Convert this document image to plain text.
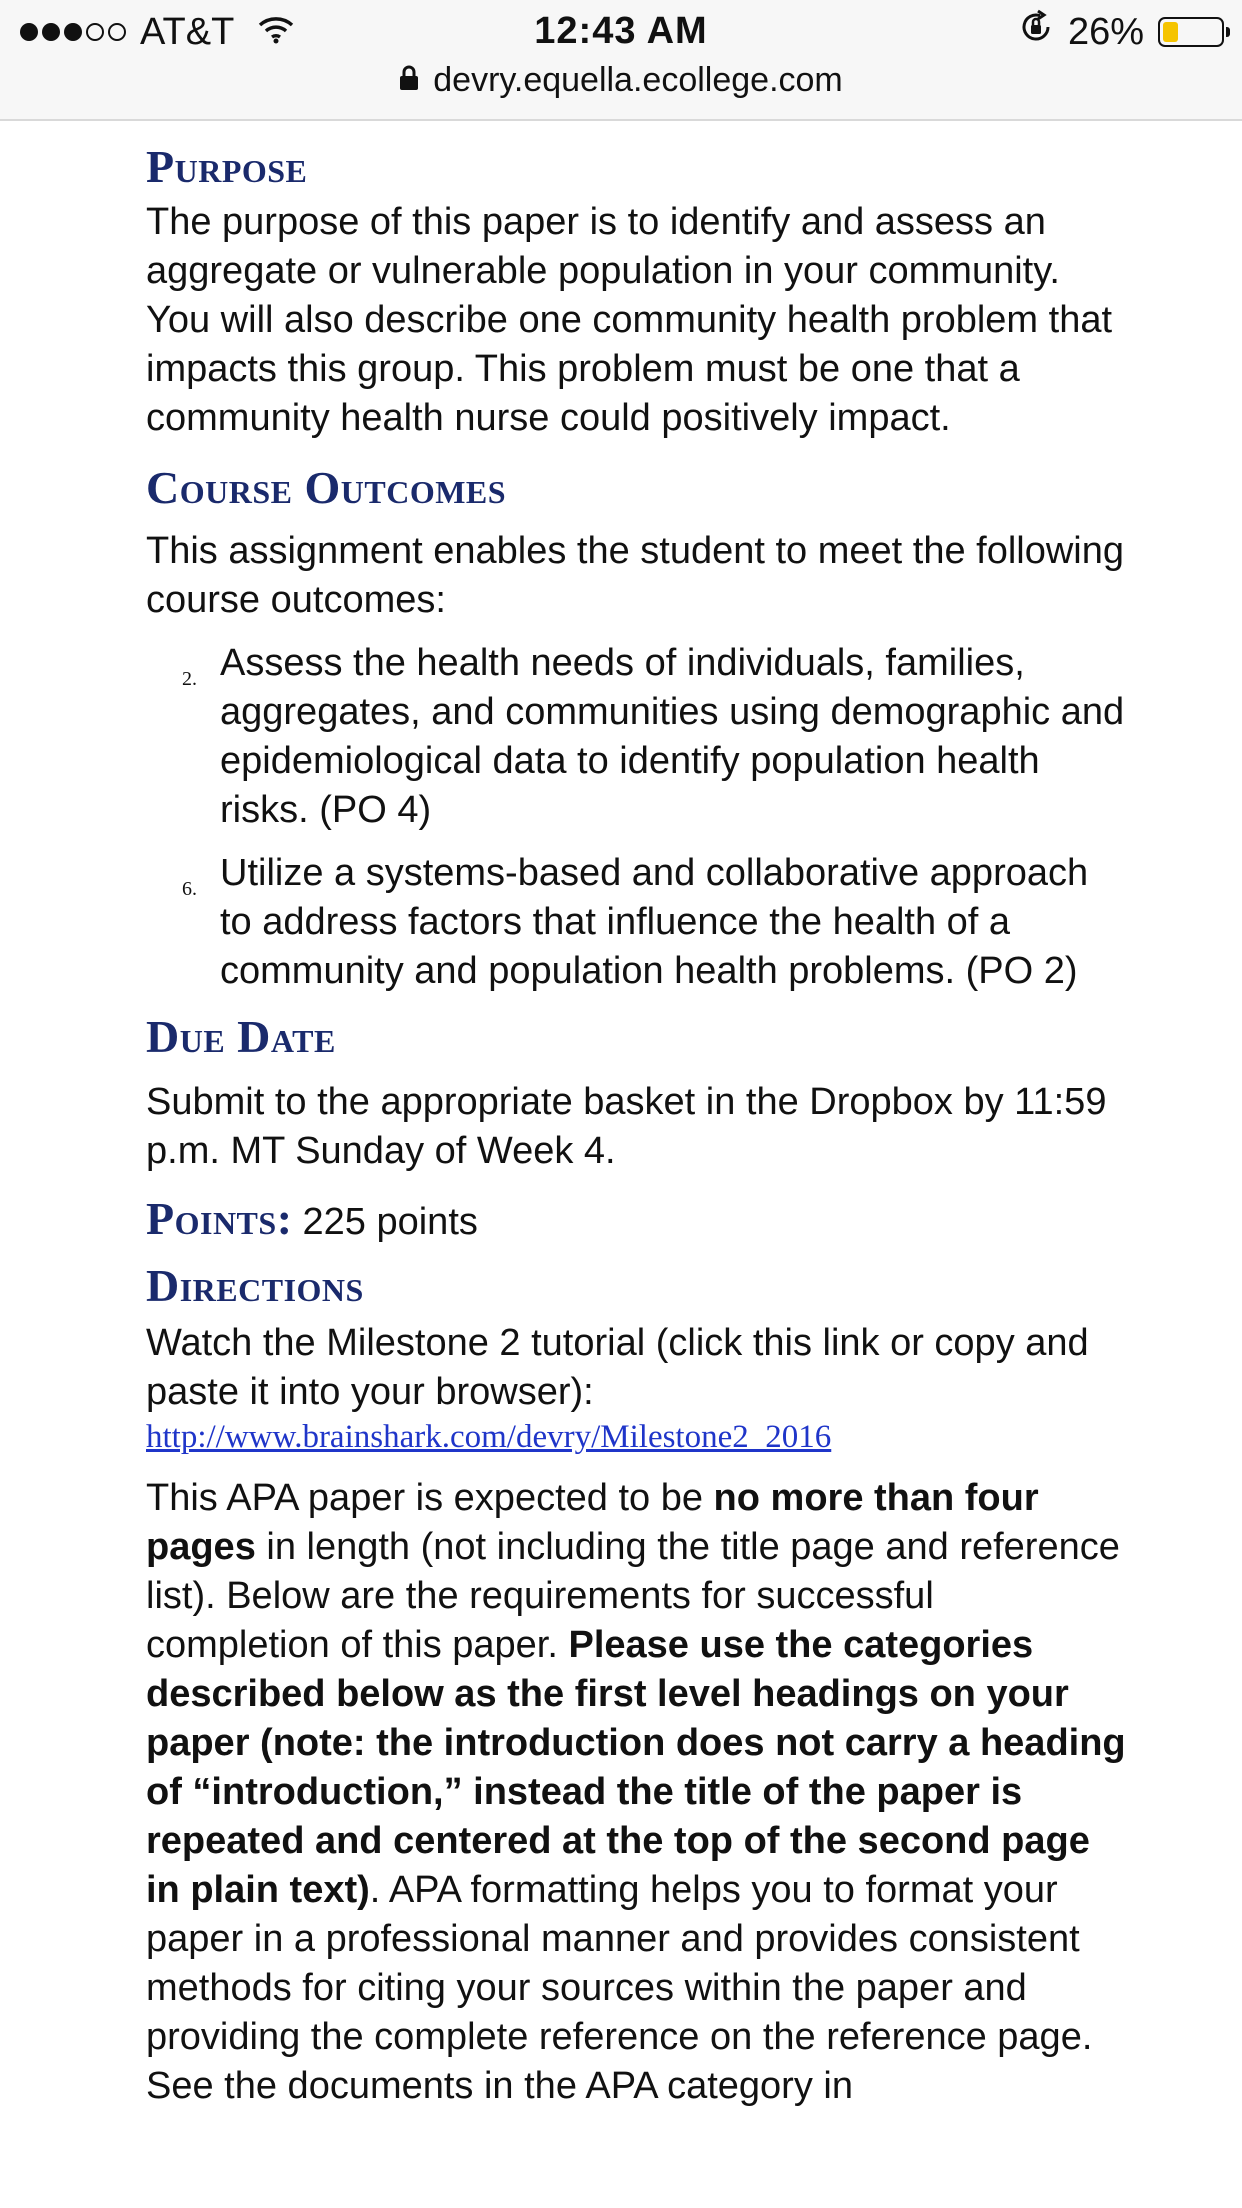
AT&T	12:43 AM	26%
devry.equella.ecollege.com
Purpose

The purpose of this paper is to identify and assess an aggregate or vulnerable population in your community. You will also describe one community health problem that impacts this group. This problem must be one that a community health nurse could positively impact.

Course Outcomes

This assignment enables the student to meet the following course outcomes:

2. Assess the health needs of individuals, families, aggregates, and communities using demographic and epidemiological data to identify population health risks. (PO 4)
6. Utilize a systems-based and collaborative approach to address factors that influence the health of a community and population health problems. (PO 2)
Due Date

Submit to the appropriate basket in the Dropbox by 11:59 p.m. MT Sunday of Week 4.

Points: 225 points
Directions

Watch the Milestone 2 tutorial (click this link or copy and paste it into your browser):

http://www.brainshark.com/devry/Milestone2_2016

This APA paper is expected to be no more than four pages in length (not including the title page and reference list). Below are the requirements for successful completion of this paper. Please use the categories described below as the first level headings on your paper (note: the introduction does not carry a heading of “introduction,” instead the title of the paper is repeated and centered at the top of the second page in plain text). APA formatting helps you to format your paper in a professional manner and provides consistent methods for citing your sources within the paper and providing the complete reference on the reference page. See the documents in the APA category in
